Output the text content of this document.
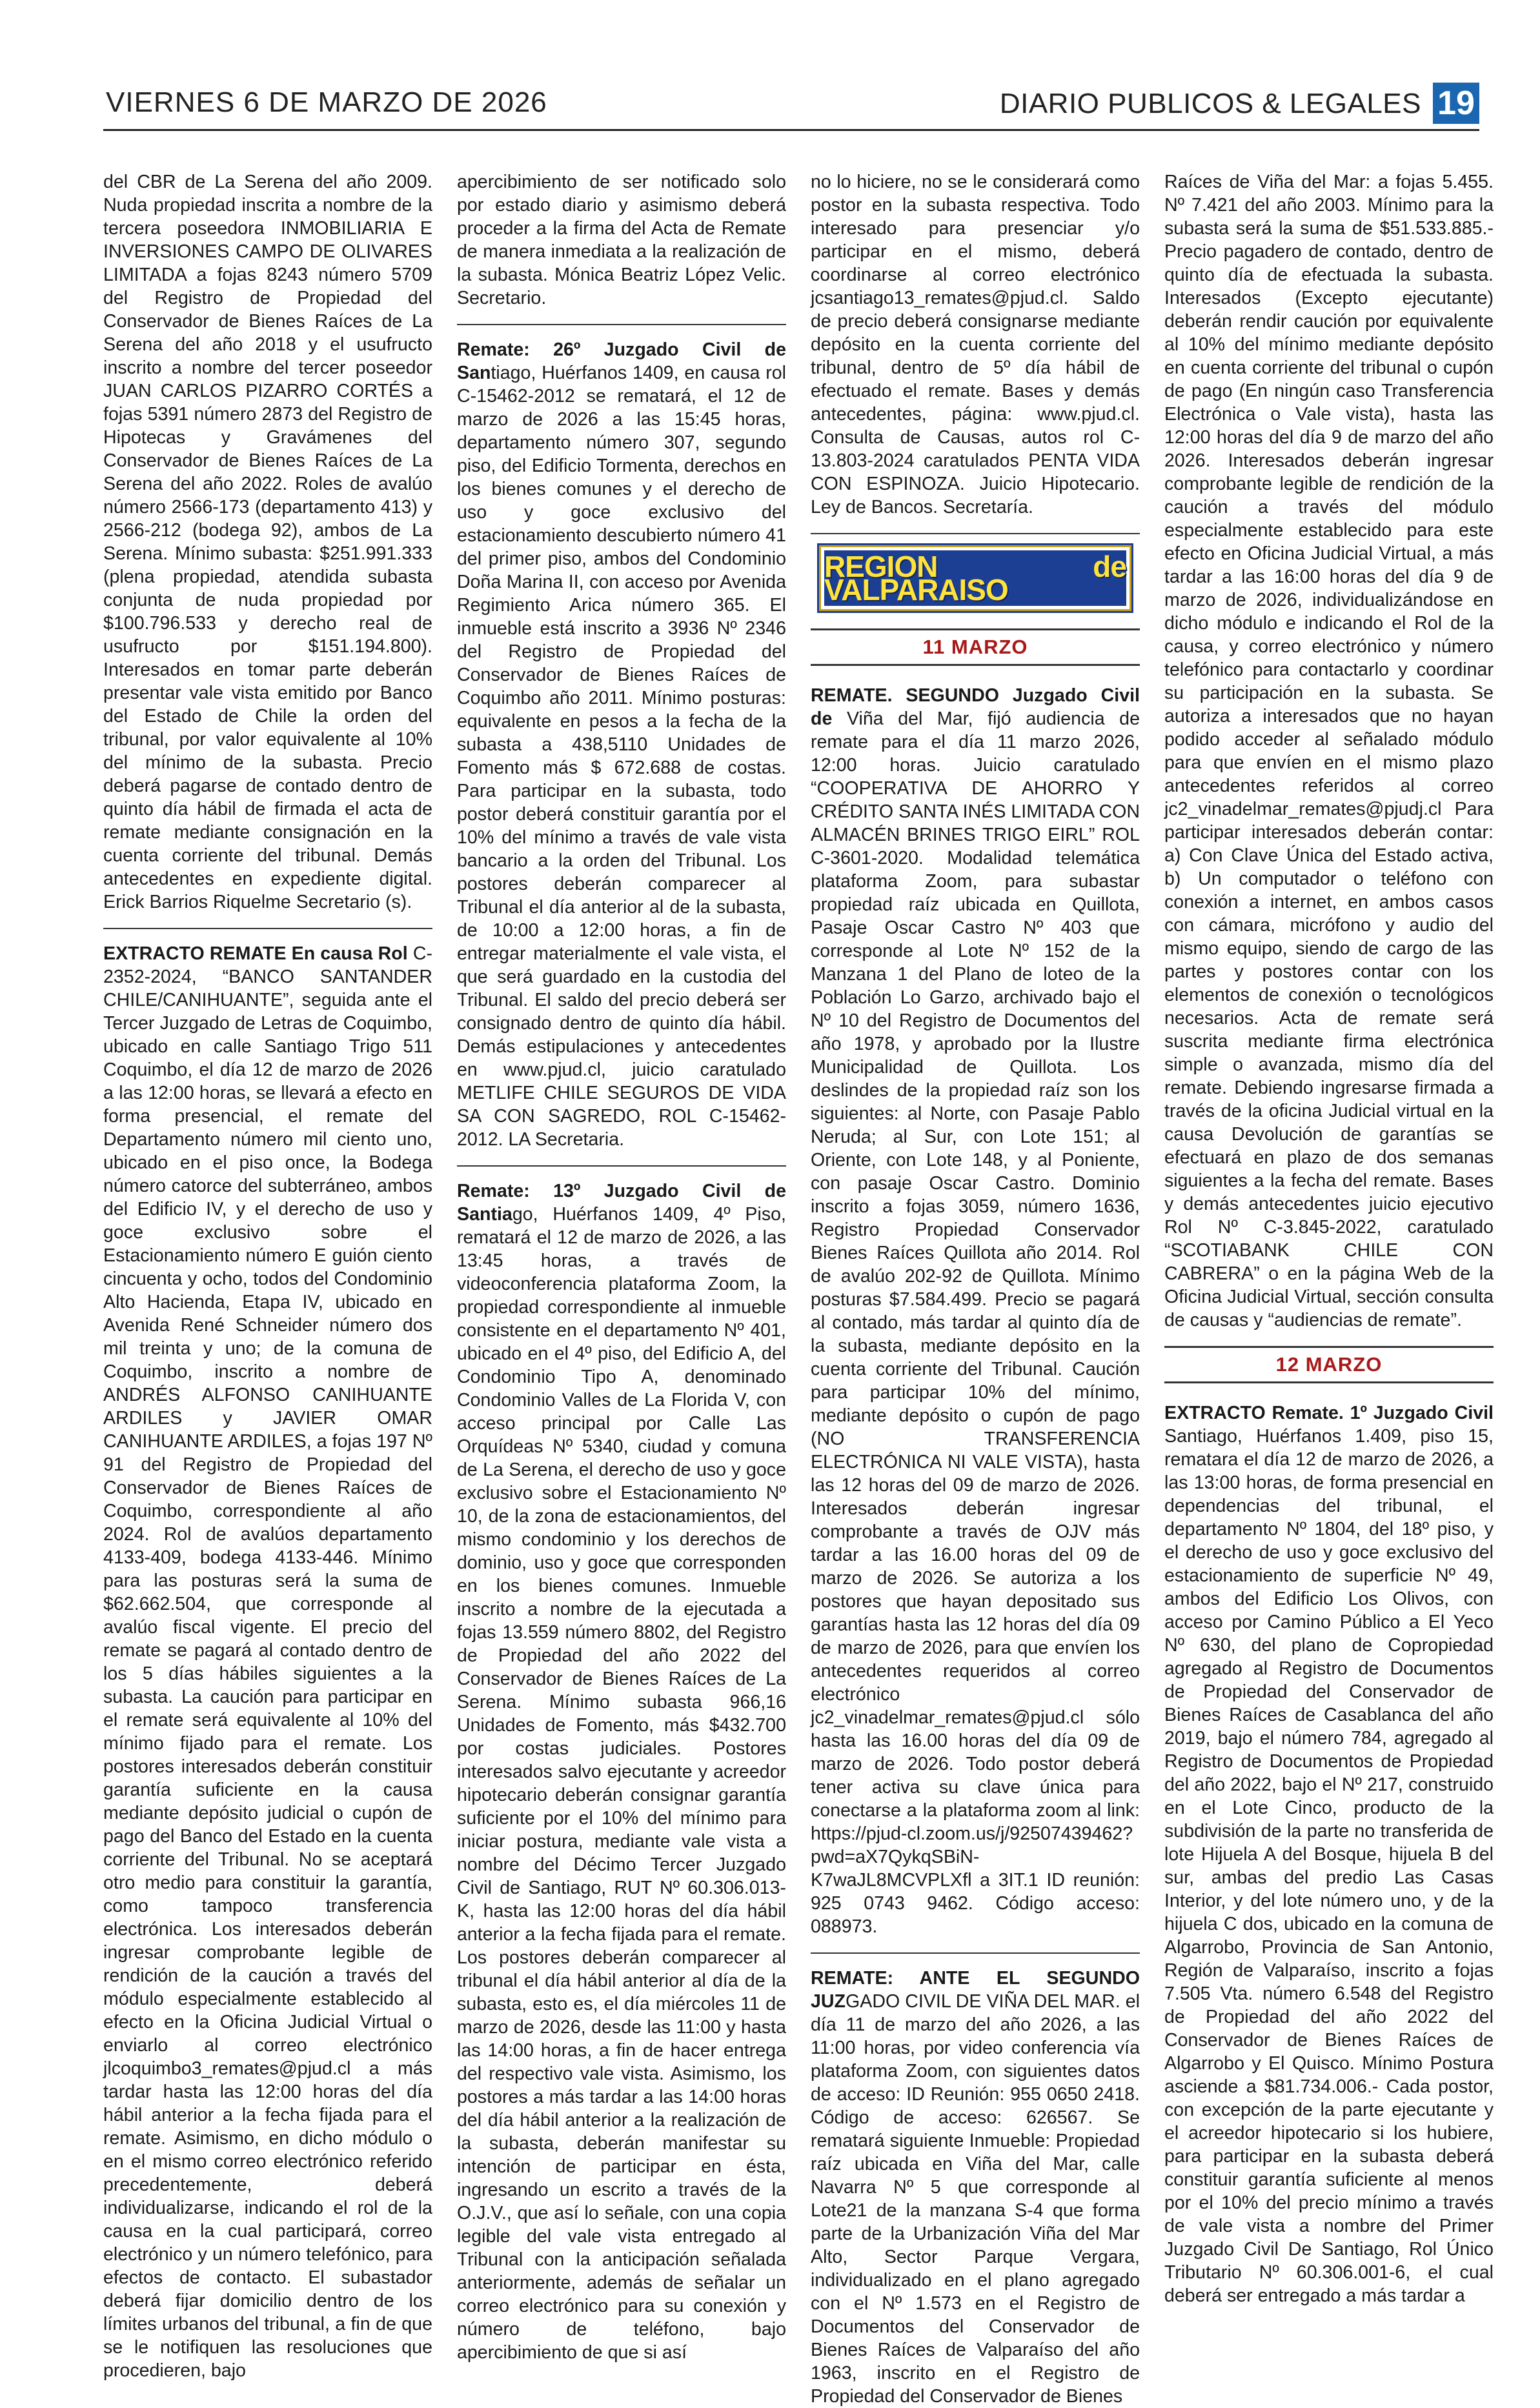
VIERNES 6 DE MARZO DE 2026	DIARIO PUBLICOS & LEGALES 19

del CBR de La Serena del año 2009. Nuda propiedad inscrita a nombre de la tercera poseedora INMOBILIARIA E INVERSIONES CAMPO DE OLIVARES LIMITADA a fojas 8243 número 5709 del Registro de Propiedad del Conservador de Bienes Raíces de La Serena del año 2018 y el usufructo inscrito a nombre del tercer poseedor JUAN CARLOS PIZARRO CORTÉS a fojas 5391 número 2873 del Registro de Hipotecas y Gravámenes del Conservador de Bienes Raíces de La Serena del año 2022. Roles de avalúo número 2566-173 (departamento 413) y 2566-212 (bodega 92), ambos de La Serena. Mínimo subasta: $251.991.333 (plena propiedad, atendida subasta conjunta de nuda propiedad por $100.796.533 y derecho real de usufructo por $151.194.800). Interesados en tomar parte deberán presentar vale vista emitido por Banco del Estado de Chile la orden del tribunal, por valor equivalente al 10% del mínimo de la subasta. Precio deberá pagarse de contado dentro de quinto día hábil de firmada el acta de remate mediante consignación en la cuenta corriente del tribunal. Demás antecedentes en expediente digital. Erick Barrios Riquelme Secretario (s).

EXTRACTO REMATE En causa Rol C-2352-2024, “BANCO SANTANDER CHILE/CANIHUANTE”, seguida ante el Tercer Juzgado de Letras de Coquimbo, ubicado en calle Santiago Trigo 511 Coquimbo, el día 12 de marzo de 2026 a las 12:00 horas, se llevará a efecto en forma presencial, el remate del Departamento número mil ciento uno, ubicado en el piso once, la Bodega número catorce del subterráneo, ambos del Edificio IV, y el derecho de uso y goce exclusivo sobre el Estacionamiento número E guión ciento cincuenta y ocho, todos del Condominio Alto Hacienda, Etapa IV, ubicado en Avenida René Schneider número dos mil treinta y uno; de la comuna de Coquimbo, inscrito a nombre de ANDRÉS ALFONSO CANIHUANTE ARDILES y JAVIER OMAR CANIHUANTE ARDILES, a fojas 197 Nº 91 del Registro de Propiedad del Conservador de Bienes Raíces de Coquimbo, correspondiente al año 2024. Rol de avalúos departamento 4133-409, bodega 4133-446. Mínimo para las posturas será la suma de $62.662.504, que corresponde al avalúo fiscal vigente. El precio del remate se pagará al contado dentro de los 5 días hábiles siguientes a la subasta. La caución para participar en el remate será equivalente al 10% del mínimo fijado para el remate. Los postores interesados deberán constituir garantía suficiente en la causa mediante depósito judicial o cupón de pago del Banco del Estado en la cuenta corriente del Tribunal. No se aceptará otro medio para constituir la garantía, como tampoco transferencia electrónica. Los interesados deberán ingresar comprobante legible de rendición de la caución a través del módulo especialmente establecido al efecto en la Oficina Judicial Virtual o enviarlo al correo electrónico jlcoquimbo3_remates@pjud.cl a más tardar hasta las 12:00 horas del día hábil anterior a la fecha fijada para el remate. Asimismo, en dicho módulo o en el mismo correo electrónico referido precedentemente, deberá individualizarse, indicando el rol de la causa en la cual participará, correo electrónico y un número telefónico, para efectos de contacto. El subastador deberá fijar domicilio dentro de los límites urbanos del tribunal, a fin de que se le notifiquen las resoluciones que procedieren, bajo

apercibimiento de ser notificado solo por estado diario y asimismo deberá proceder a la firma del Acta de Remate de manera inmediata a la realización de la subasta. Mónica Beatriz López Velic. Secretario.

Remate: 26º Juzgado Civil de Santiago, Huérfanos 1409, en causa rol C-15462-2012 se rematará, el 12 de marzo de 2026 a las 15:45 horas, departamento número 307, segundo piso, del Edificio Tormenta, derechos en los bienes comunes y el derecho de uso y goce exclusivo del estacionamiento descubierto número 41 del primer piso, ambos del Condominio Doña Marina II, con acceso por Avenida Regimiento Arica número 365. El inmueble está inscrito a 3936 Nº 2346 del Registro de Propiedad del Conservador de Bienes Raíces de Coquimbo año 2011. Mínimo posturas: equivalente en pesos a la fecha de la subasta a 438,5110 Unidades de Fomento más $ 672.688 de costas. Para participar en la subasta, todo postor deberá constituir garantía por el 10% del mínimo a través de vale vista bancario a la orden del Tribunal. Los postores deberán comparecer al Tribunal el día anterior al de la subasta, de 10:00 a 12:00 horas, a fin de entregar materialmente el vale vista, el que será guardado en la custodia del Tribunal. El saldo del precio deberá ser consignado dentro de quinto día hábil. Demás estipulaciones y antecedentes en www.pjud.cl, juicio caratulado METLIFE CHILE SEGUROS DE VIDA SA CON SAGREDO, ROL C-15462-2012. LA Secretaria.

Remate: 13º Juzgado Civil de Santiago, Huérfanos 1409, 4º Piso, rematará el 12 de marzo de 2026, a las 13:45 horas, a través de videoconferencia plataforma Zoom, la propiedad correspondiente al inmueble consistente en el departamento Nº 401, ubicado en el 4º piso, del Edificio A, del Condominio Tipo A, denominado Condominio Valles de La Florida V, con acceso principal por Calle Las Orquídeas Nº 5340, ciudad y comuna de La Serena, el derecho de uso y goce exclusivo sobre el Estacionamiento Nº 10, de la zona de estacionamientos, del mismo condominio y los derechos de dominio, uso y goce que corresponden en los bienes comunes. Inmueble inscrito a nombre de la ejecutada a fojas 13.559 número 8802, del Registro de Propiedad del año 2022 del Conservador de Bienes Raíces de La Serena. Mínimo subasta 966,16 Unidades de Fomento, más $432.700 por costas judiciales. Postores interesados salvo ejecutante y acreedor hipotecario deberán consignar garantía suficiente por el 10% del mínimo para iniciar postura, mediante vale vista a nombre del Décimo Tercer Juzgado Civil de Santiago, RUT Nº 60.306.013-K, hasta las 12:00 horas del día hábil anterior a la fecha fijada para el remate. Los postores deberán comparecer al tribunal el día hábil anterior al día de la subasta, esto es, el día miércoles 11 de marzo de 2026, desde las 11:00 y hasta las 14:00 horas, a fin de hacer entrega del respectivo vale vista. Asimismo, los postores a más tardar a las 14:00 horas del día hábil anterior a la realización de la subasta, deberán manifestar su intención de participar en ésta, ingresando un escrito a través de la O.J.V., que así lo señale, con una copia legible del vale vista entregado al Tribunal con la anticipación señalada anteriormente, además de señalar un correo electrónico para su conexión y número de teléfono, bajo apercibimiento de que si así

no lo hiciere, no se le considerará como postor en la subasta respectiva. Todo interesado para presenciar y/o participar en el mismo, deberá coordinarse al correo electrónico jcsantiago13_remates@pjud.cl. Saldo de precio deberá consignarse mediante depósito en la cuenta corriente del tribunal, dentro de 5º día hábil de efectuado el remate. Bases y demás antecedentes, página: www.pjud.cl. Consulta de Causas, autos rol C-13.803-2024 caratulados PENTA VIDA CON ESPINOZA. Juicio Hipotecario. Ley de Bancos. Secretaría.

REGION de VALPARAISO
11 MARZO

REMATE. SEGUNDO Juzgado Civil de Viña del Mar, fijó audiencia de remate para el día 11 marzo 2026, 12:00 horas. Juicio caratulado “COOPERATIVA DE AHORRO Y CRÉDITO SANTA INÉS LIMITADA CON ALMACÉN BRINES TRIGO EIRL” ROL C-3601-2020. Modalidad telemática plataforma Zoom, para subastar propiedad raíz ubicada en Quillota, Pasaje Oscar Castro Nº 403 que corresponde al Lote Nº 152 de la Manzana 1 del Plano de loteo de la Población Lo Garzo, archivado bajo el Nº 10 del Registro de Documentos del año 1978, y aprobado por la Ilustre Municipalidad de Quillota. Los deslindes de la propiedad raíz son los siguientes: al Norte, con Pasaje Pablo Neruda; al Sur, con Lote 151; al Oriente, con Lote 148, y al Poniente, con pasaje Oscar Castro. Dominio inscrito a fojas 3059, número 1636, Registro Propiedad Conservador Bienes Raíces Quillota año 2014. Rol de avalúo 202-92 de Quillota. Mínimo posturas $7.584.499. Precio se pagará al contado, más tardar al quinto día de la subasta, mediante depósito en la cuenta corriente del Tribunal. Caución para participar 10% del mínimo, mediante depósito o cupón de pago (NO TRANSFERENCIA ELECTRÓNICA NI VALE VISTA), hasta las 12 horas del 09 de marzo de 2026. Interesados deberán ingresar comprobante a través de OJV más tardar a las 16.00 horas del 09 de marzo de 2026. Se autoriza a los postores que hayan depositado sus garantías hasta las 12 horas del día 09 de marzo de 2026, para que envíen los antecedentes requeridos al correo electrónico jc2_vinadelmar_remates@pjud.cl sólo hasta las 16.00 horas del día 09 de marzo de 2026. Todo postor deberá tener activa su clave única para conectarse a la plataforma zoom al link: https://pjud-cl.zoom.us/j/92507439462?pwd=aX7QykqSBiN-K7waJL8MCVPLXfl a 3IT.1 ID reunión: 925 0743 9462. Código acceso: 088973.

REMATE: ANTE EL SEGUNDO JUZGADO CIVIL DE VIÑA DEL MAR. el día 11 de marzo del año 2026, a las 11:00 horas, por video conferencia vía plataforma Zoom, con siguientes datos de acceso: ID Reunión: 955 0650 2418. Código de acceso: 626567. Se rematará siguiente Inmueble: Propiedad raíz ubicada en Viña del Mar, calle Navarra Nº 5 que corresponde al Lote21 de la manzana S-4 que forma parte de la Urbanización Viña del Mar Alto, Sector Parque Vergara, individualizado en el plano agregado con el Nº 1.573 en el Registro de Documentos del Conservador de Bienes Raíces de Valparaíso del año 1963, inscrito en el Registro de Propiedad del Conservador de Bienes

Raíces de Viña del Mar: a fojas 5.455. Nº 7.421 del año 2003. Mínimo para la subasta será la suma de $51.533.885.- Precio pagadero de contado, dentro de quinto día de efectuada la subasta. Interesados (Excepto ejecutante) deberán rendir caución por equivalente al 10% del mínimo mediante depósito en cuenta corriente del tribunal o cupón de pago (En ningún caso Transferencia Electrónica o Vale vista), hasta las 12:00 horas del día 9 de marzo del año 2026. Interesados deberán ingresar comprobante legible de rendición de la caución a través del módulo especialmente establecido para este efecto en Oficina Judicial Virtual, a más tardar a las 16:00 horas del día 9 de marzo de 2026, individualizándose en dicho módulo e indicando el Rol de la causa, y correo electrónico y número telefónico para contactarlo y coordinar su participación en la subasta. Se autoriza a interesados que no hayan podido acceder al señalado módulo para que envíen en el mismo plazo antecedentes referidos al correo jc2_vinadelmar_remates@pjudj.cl Para participar interesados deberán contar: a) Con Clave Única del Estado activa, b) Un computador o teléfono con conexión a internet, en ambos casos con cámara, micrófono y audio del mismo equipo, siendo de cargo de las partes y postores contar con los elementos de conexión o tecnológicos necesarios. Acta de remate será suscrita mediante firma electrónica simple o avanzada, mismo día del remate. Debiendo ingresarse firmada a través de la oficina Judicial virtual en la causa Devolución de garantías se efectuará en plazo de dos semanas siguientes a la fecha del remate. Bases y demás antecedentes juicio ejecutivo Rol Nº C-3.845-2022, caratulado “SCOTIABANK CHILE CON CABRERA” o en la página Web de la Oficina Judicial Virtual, sección consulta de causas y “audiencias de remate”.

12 MARZO

EXTRACTO Remate. 1º Juzgado Civil Santiago, Huérfanos 1.409, piso 15, rematara el día 12 de marzo de 2026, a las 13:00 horas, de forma presencial en dependencias del tribunal, el departamento Nº 1804, del 18º piso, y el derecho de uso y goce exclusivo del estacionamiento de superficie Nº 49, ambos del Edificio Los Olivos, con acceso por Camino Público a El Yeco Nº 630, del plano de Copropiedad agregado al Registro de Documentos de Propiedad del Conservador de Bienes Raíces de Casablanca del año 2019, bajo el número 784, agregado al Registro de Documentos de Propiedad del año 2022, bajo el Nº 217, construido en el Lote Cinco, producto de la subdivisión de la parte no transferida de lote Hijuela A del Bosque, hijuela B del sur, ambas del predio Las Casas Interior, y del lote número uno, y de la hijuela C dos, ubicado en la comuna de Algarrobo, Provincia de San Antonio, Región de Valparaíso, inscrito a fojas 7.505 Vta. número 6.548 del Registro de Propiedad del año 2022 del Conservador de Bienes Raíces de Algarrobo y El Quisco. Mínimo Postura asciende a $81.734.006.- Cada postor, con excepción de la parte ejecutante y el acreedor hipotecario si los hubiere, para participar en la subasta deberá constituir garantía suficiente al menos por el 10% del precio mínimo a través de vale vista a nombre del Primer Juzgado Civil De Santiago, Rol Único Tributario Nº 60.306.001-6, el cual deberá ser entregado a más tardar a
